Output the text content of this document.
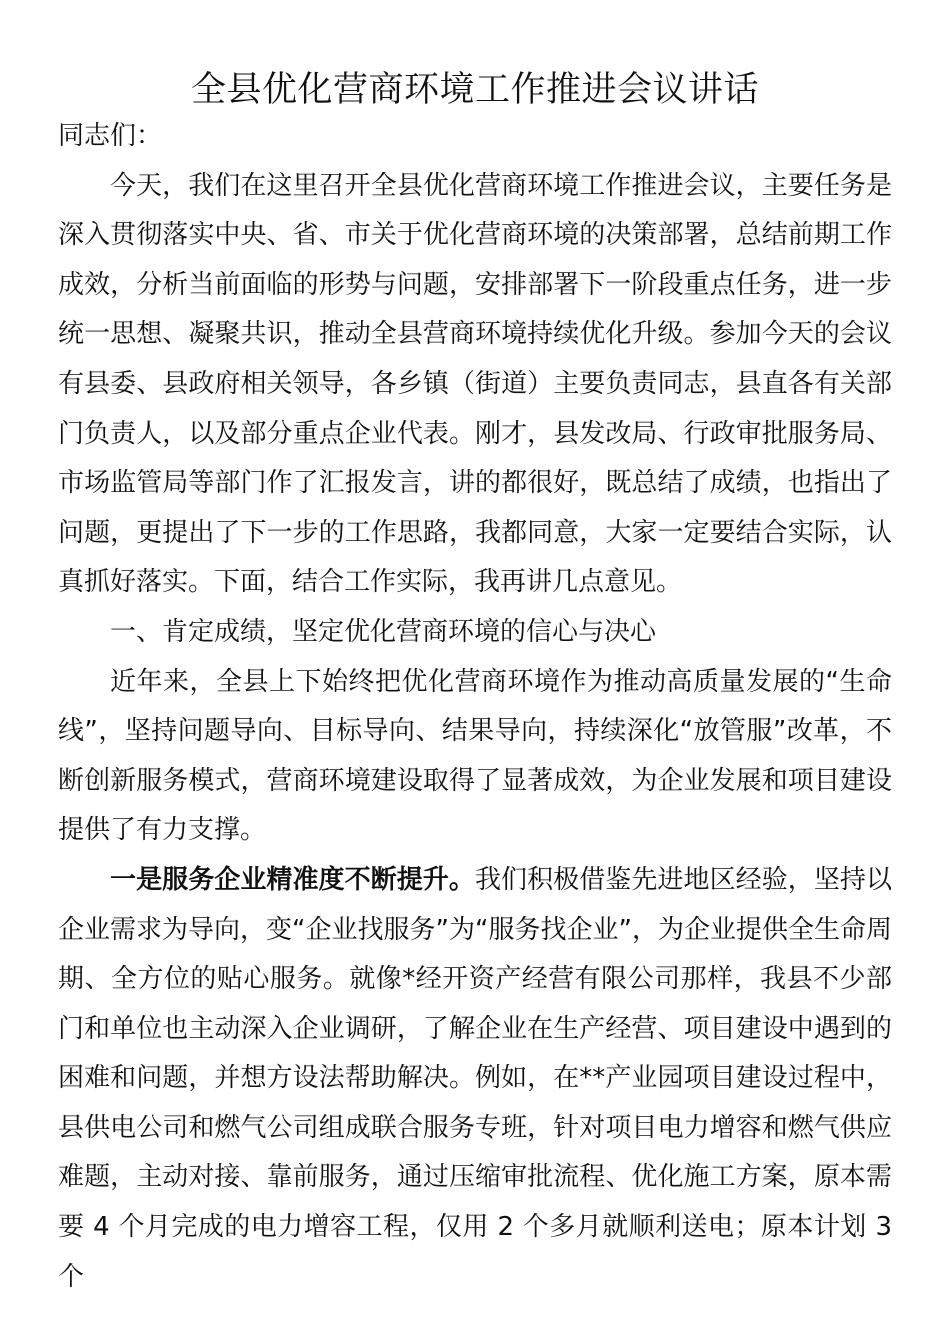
全县优化营商环境工作推进会议讲话

同志们：

今天，我们在这里召开全县优化营商环境工作推进会议，主要任务是深入贯彻落实中央、省、市关于优化营商环境的决策部署，总结前期工作成效，分析当前面临的形势与问题，安排部署下一阶段重点任务，进一步统一思想、凝聚共识，推动全县营商环境持续优化升级。参加今天的会议有县委、县政府相关领导，各乡镇（街道）主要负责同志，县直各有关部门负责人，以及部分重点企业代表。刚才，县发改局、行政审批服务局、市场监管局等部门作了汇报发言，讲的都很好，既总结了成绩，也指出了问题，更提出了下一步的工作思路，我都同意，大家一定要结合实际，认真抓好落实。下面，结合工作实际，我再讲几点意见。

一、肯定成绩，坚定优化营商环境的信心与决心

近年来，全县上下始终把优化营商环境作为推动高质量发展的“生命线”，坚持问题导向、目标导向、结果导向，持续深化“放管服”改革，不断创新服务模式，营商环境建设取得了显著成效，为企业发展和项目建设提供了有力支撑。

一是服务企业精准度不断提升。我们积极借鉴先进地区经验，坚持以企业需求为导向，变“企业找服务”为“服务找企业”，为企业提供全生命周期、全方位的贴心服务。就像*经开资产经营有限公司那样，我县不少部门和单位也主动深入企业调研，了解企业在生产经营、项目建设中遇到的困难和问题，并想方设法帮助解决。例如，在**产业园项目建设过程中，县供电公司和燃气公司组成联合服务专班，针对项目电力增容和燃气供应难题，主动对接、靠前服务，通过压缩审批流程、优化施工方案，原本需要 4 个月完成的电力增容工程，仅用 2 个多月就顺利送电；原本计划 3 个
